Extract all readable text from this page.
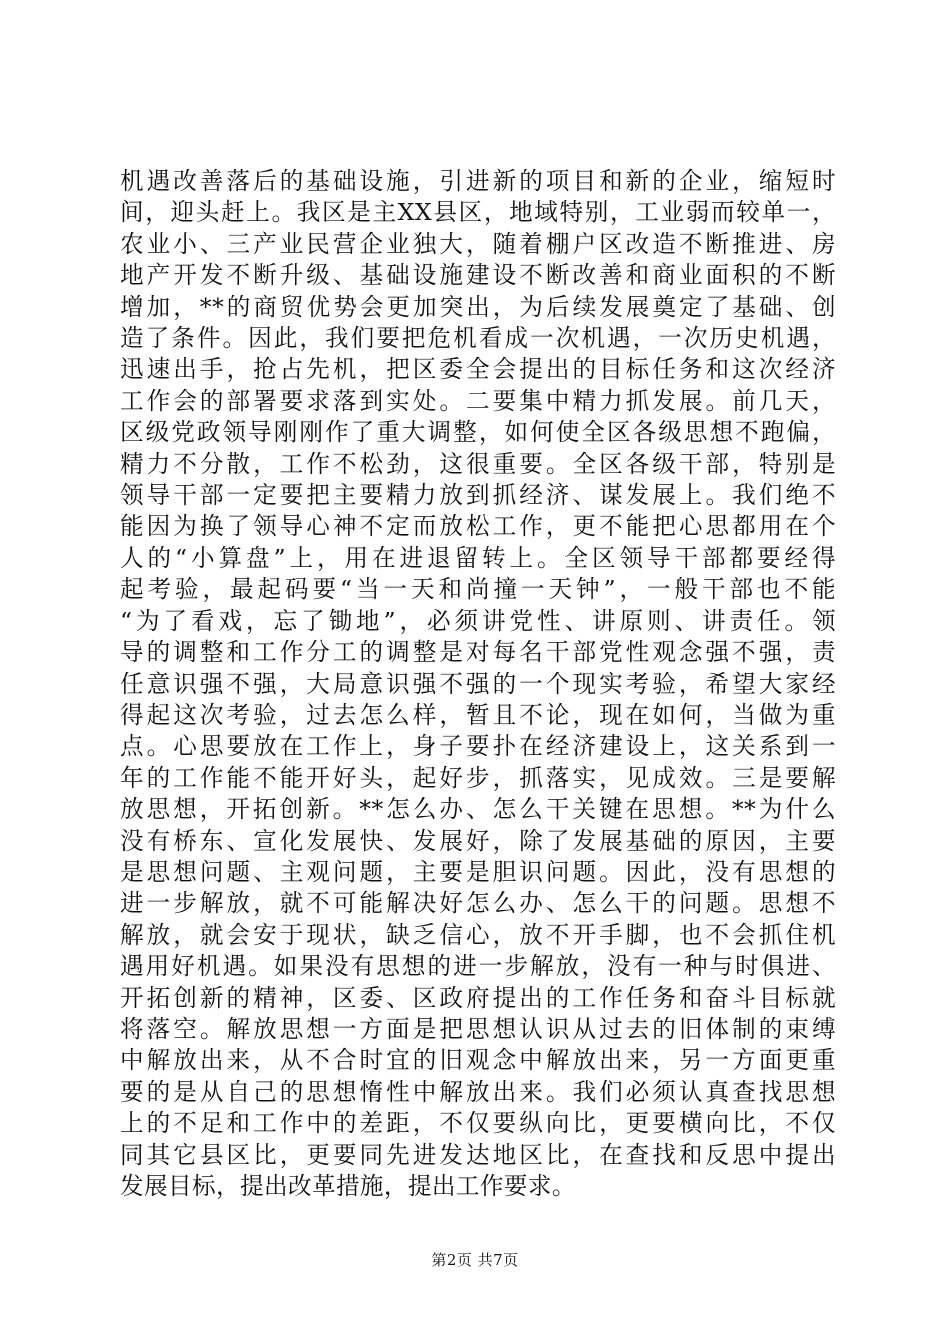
机遇改善落后的基础设施，引进新的项目和新的企业，缩短时
间，迎头赶上。我区是主XX县区，地域特别，工业弱而较单一，
农业小、三产业民营企业独大，随着棚户区改造不断推进、房
地产开发不断升级、基础设施建设不断改善和商业面积的不断
增加，**的商贸优势会更加突出，为后续发展奠定了基础、创
造了条件。因此，我们要把危机看成一次机遇，一次历史机遇，
迅速出手，抢占先机，把区委全会提出的目标任务和这次经济
工作会的部署要求落到实处。二要集中精力抓发展。前几天，
区级党政领导刚刚作了重大调整，如何使全区各级思想不跑偏，
精力不分散，工作不松劲，这很重要。全区各级干部，特别是
领导干部一定要把主要精力放到抓经济、谋发展上。我们绝不
能因为换了领导心神不定而放松工作，更不能把心思都用在个
人的“小算盘”上，用在进退留转上。全区领导干部都要经得
起考验，最起码要“当一天和尚撞一天钟”，一般干部也不能
“为了看戏，忘了锄地”，必须讲党性、讲原则、讲责任。领
导的调整和工作分工的调整是对每名干部党性观念强不强，责
任意识强不强，大局意识强不强的一个现实考验，希望大家经
得起这次考验，过去怎么样，暂且不论，现在如何，当做为重
点。心思要放在工作上，身子要扑在经济建设上，这关系到一
年的工作能不能开好头，起好步，抓落实，见成效。三是要解
放思想，开拓创新。**怎么办、怎么干关键在思想。**为什么
没有桥东、宣化发展快、发展好，除了发展基础的原因，主要
是思想问题、主观问题，主要是胆识问题。因此，没有思想的
进一步解放，就不可能解决好怎么办、怎么干的问题。思想不
解放，就会安于现状，缺乏信心，放不开手脚，也不会抓住机
遇用好机遇。如果没有思想的进一步解放，没有一种与时俱进、
开拓创新的精神，区委、区政府提出的工作任务和奋斗目标就
将落空。解放思想一方面是把思想认识从过去的旧体制的束缚
中解放出来，从不合时宜的旧观念中解放出来，另一方面更重
要的是从自己的思想惰性中解放出来。我们必须认真查找思想
上的不足和工作中的差距，不仅要纵向比，更要横向比，不仅
同其它县区比，更要同先进发达地区比，在查找和反思中提出
发展目标，提出改革措施，提出工作要求。
第2页 共7页
